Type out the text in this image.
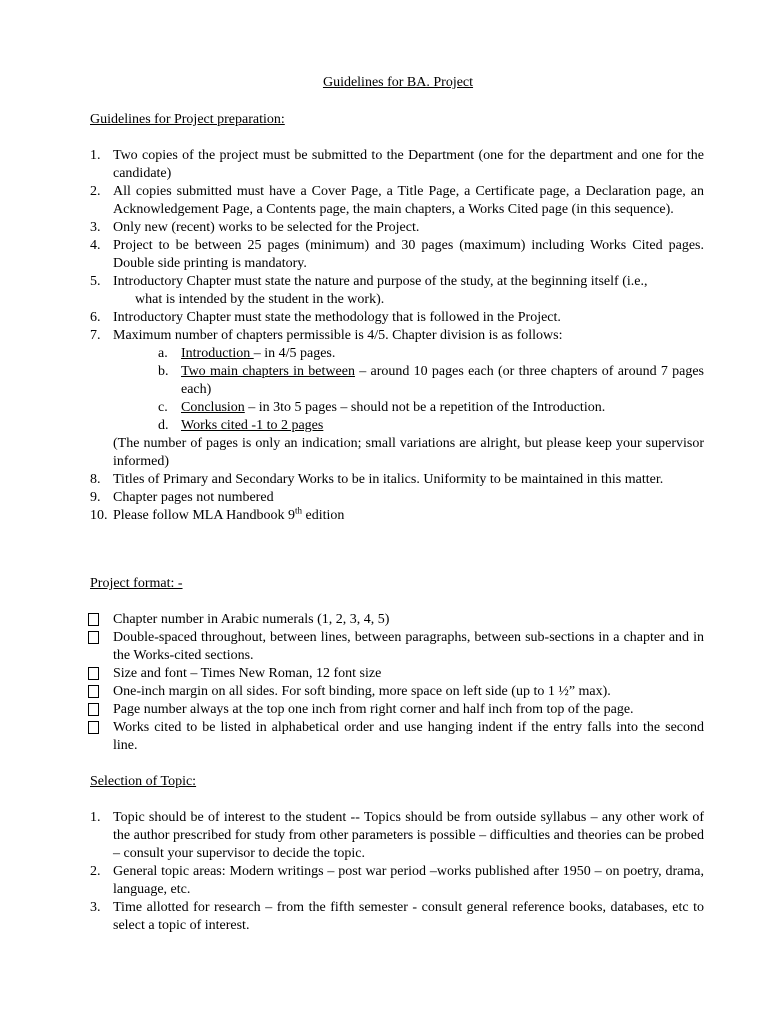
Guidelines for BA. Project
Guidelines for Project preparation:
1. Two copies of the project must be submitted to the Department (one for the department and one for the candidate)
2. All copies submitted must have a Cover Page, a Title Page, a Certificate page, a Declaration page, an Acknowledgement Page, a Contents page, the main chapters, a Works Cited page (in this sequence).
3. Only new (recent) works to be selected for the Project.
4. Project to be between 25 pages (minimum) and 30 pages (maximum) including Works Cited pages. Double side printing is mandatory.
5. Introductory Chapter must state the nature and purpose of the study, at the beginning itself (i.e.,
what is intended by the student in the work).
6. Introductory Chapter must state the methodology that is followed in the Project.
7. Maximum number of chapters permissible is 4/5. Chapter division is as follows:
a. Introduction – in 4/5 pages.
b. Two main chapters in between – around 10 pages each (or three chapters of around 7 pages each)
c. Conclusion – in 3to 5 pages – should not be a repetition of the Introduction.
d. Works cited -1 to 2 pages
(The number of pages is only an indication; small variations are alright, but please keep your supervisor informed)
8. Titles of Primary and Secondary Works to be in italics. Uniformity to be maintained in this matter.
9. Chapter pages not numbered
10. Please follow MLA Handbook 9th edition
Project format: -
Chapter number in Arabic numerals (1, 2, 3, 4, 5)
Double-spaced throughout, between lines, between paragraphs, between sub-sections in a chapter and in the Works-cited sections.
Size and font – Times New Roman, 12 font size
One-inch margin on all sides. For soft binding, more space on left side (up to 1 ½” max).
Page number always at the top one inch from right corner and half inch from top of the page.
Works cited to be listed in alphabetical order and use hanging indent if the entry falls into the second line.
Selection of Topic:
1. Topic should be of interest to the student -- Topics should be from outside syllabus – any other work of the author prescribed for study from other parameters is possible – difficulties and theories can be probed – consult your supervisor to decide the topic.
2. General topic areas: Modern writings – post war period –works published after 1950 – on poetry, drama, language, etc.
3. Time allotted for research – from the fifth semester - consult general reference books, databases, etc to select a topic of interest.
